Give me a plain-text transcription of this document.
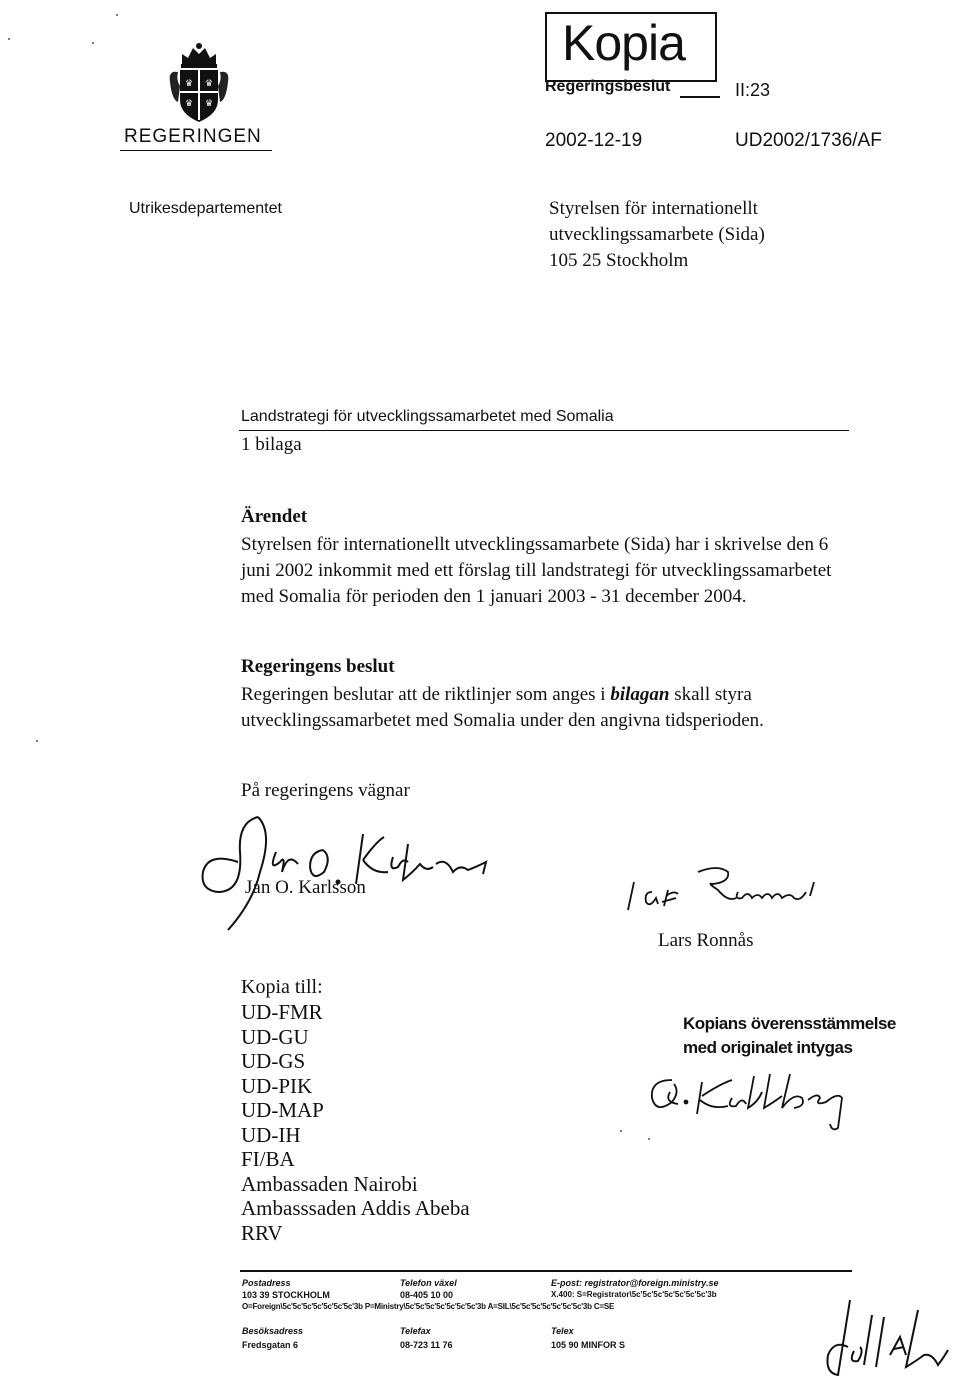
♛ ♛
♛ ♛
REGERINGEN
Kopia
Regeringsbeslut	II:23
2002-12-19	UD2002/1736/AF
Utrikesdepartementet	Styrelsen för internationellt
utvecklingssamarbete (Sida)
105 25 Stockholm
Landstrategi för utvecklingssamarbetet med Somalia
1 bilaga
Ärendet
Styrelsen för internationellt utvecklingssamarbete (Sida) har i skrivelse den 6 juni 2002 inkommit med ett förslag till landstrategi för utvecklingssamarbetet med Somalia för perioden den 1 januari 2003 - 31 december 2004.
Regeringens beslut
Regeringen beslutar att de riktlinjer som anges i bilagan skall styra utvecklingssamarbetet med Somalia under den angivna tidsperioden.
På regeringens vägnar
Jan O. Karlsson
Lars Ronnås
Kopia till:
UD-FMR
UD-GU
UD-GS
UD-PIK
UD-MAP
UD-IH
FI/BA
Ambassaden Nairobi
Ambasssaden Addis Abeba
RRV
Kopians överensstämmelse
med originalet intygas
Postadress
103 39 STOCKHOLM
Telefon växel
08-405 10 00
E-post: registrator@foreign.ministry.se
X.400: S=Registrator\5c'5c'5c'5c'5c'5c'5c'3b
O=Foreign\5c'5c'5c'5c'5c'5c'5c'3b P=Ministry\5c'5c'5c'5c'5c'5c'5c'3b A=SIL\5c'5c'5c'5c'5c'5c'5c'3b C=SE
Besöksadress
Fredsgatan 6
Telefax
08-723 11 76
Telex
105 90 MINFOR S
